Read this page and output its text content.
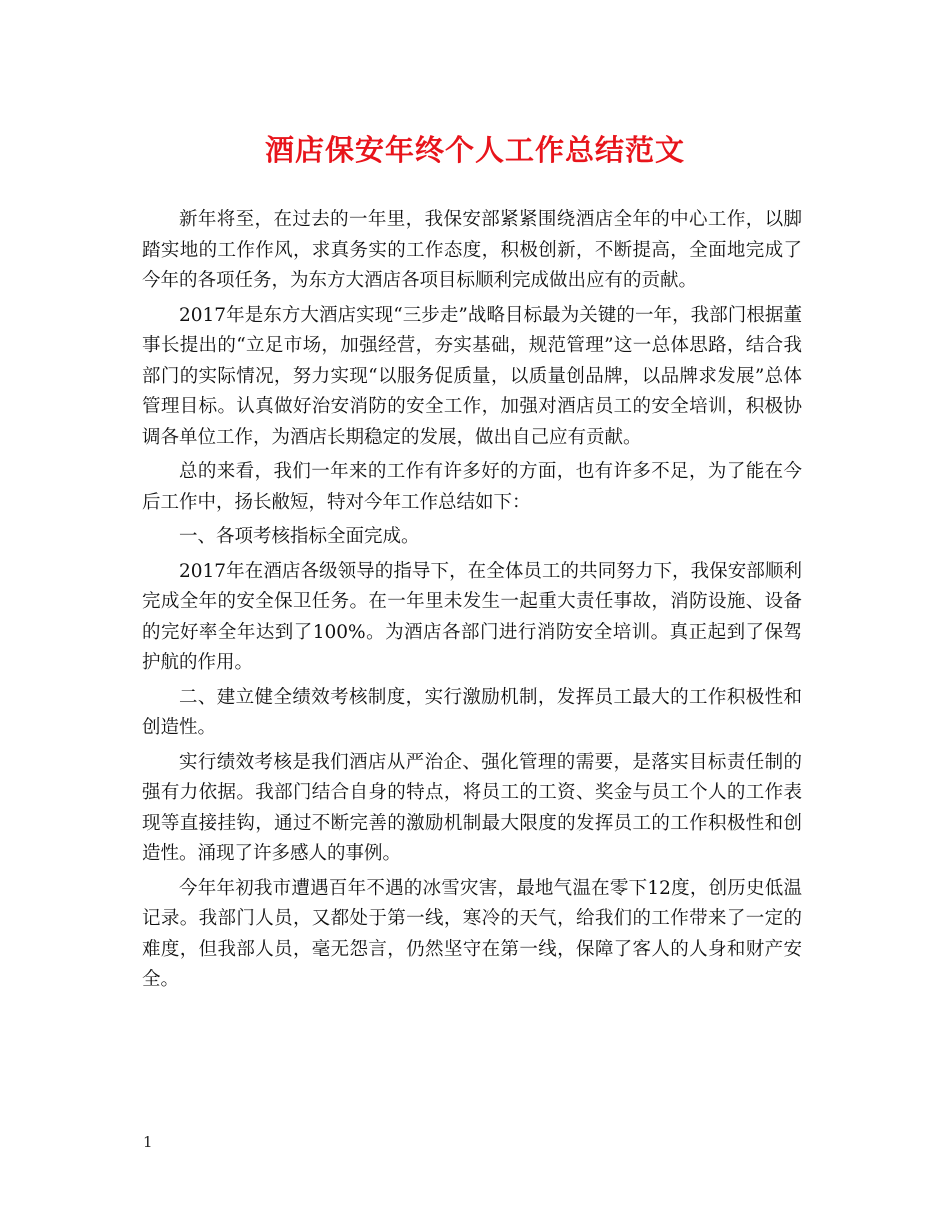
酒店保安年终个人工作总结范文

新年将至，在过去的一年里，我保安部紧紧围绕酒店全年的中心工作，以脚踏实地的工作作风，求真务实的工作态度，积极创新，不断提高，全面地完成了今年的各项任务，为东方大酒店各项目标顺利完成做出应有的贡献。

2017年是东方大酒店实现“三步走”战略目标最为关键的一年，我部门根据董事长提出的“立足市场，加强经营，夯实基础，规范管理”这一总体思路，结合我部门的实际情况，努力实现“以服务促质量，以质量创品牌，以品牌求发展”总体管理目标。认真做好治安消防的安全工作，加强对酒店员工的安全培训，积极协调各单位工作，为酒店长期稳定的发展，做出自己应有贡献。

总的来看，我们一年来的工作有许多好的方面，也有许多不足，为了能在今后工作中，扬长敝短，特对今年工作总结如下：

一、各项考核指标全面完成。

2017年在酒店各级领导的指导下，在全体员工的共同努力下，我保安部顺利完成全年的安全保卫任务。在一年里未发生一起重大责任事故，消防设施、设备的完好率全年达到了100%。为酒店各部门进行消防安全培训。真正起到了保驾护航的作用。

二、建立健全绩效考核制度，实行激励机制，发挥员工最大的工作积极性和创造性。

实行绩效考核是我们酒店从严治企、强化管理的需要，是落实目标责任制的强有力依据。我部门结合自身的特点，将员工的工资、奖金与员工个人的工作表现等直接挂钩，通过不断完善的激励机制最大限度的发挥员工的工作积极性和创造性。涌现了许多感人的事例。

今年年初我市遭遇百年不遇的冰雪灾害，最地气温在零下12度，创历史低温记录。我部门人员，又都处于第一线，寒冷的天气，给我们的工作带来了一定的难度，但我部人员，毫无怨言，仍然坚守在第一线，保障了客人的人身和财产安全。

1
